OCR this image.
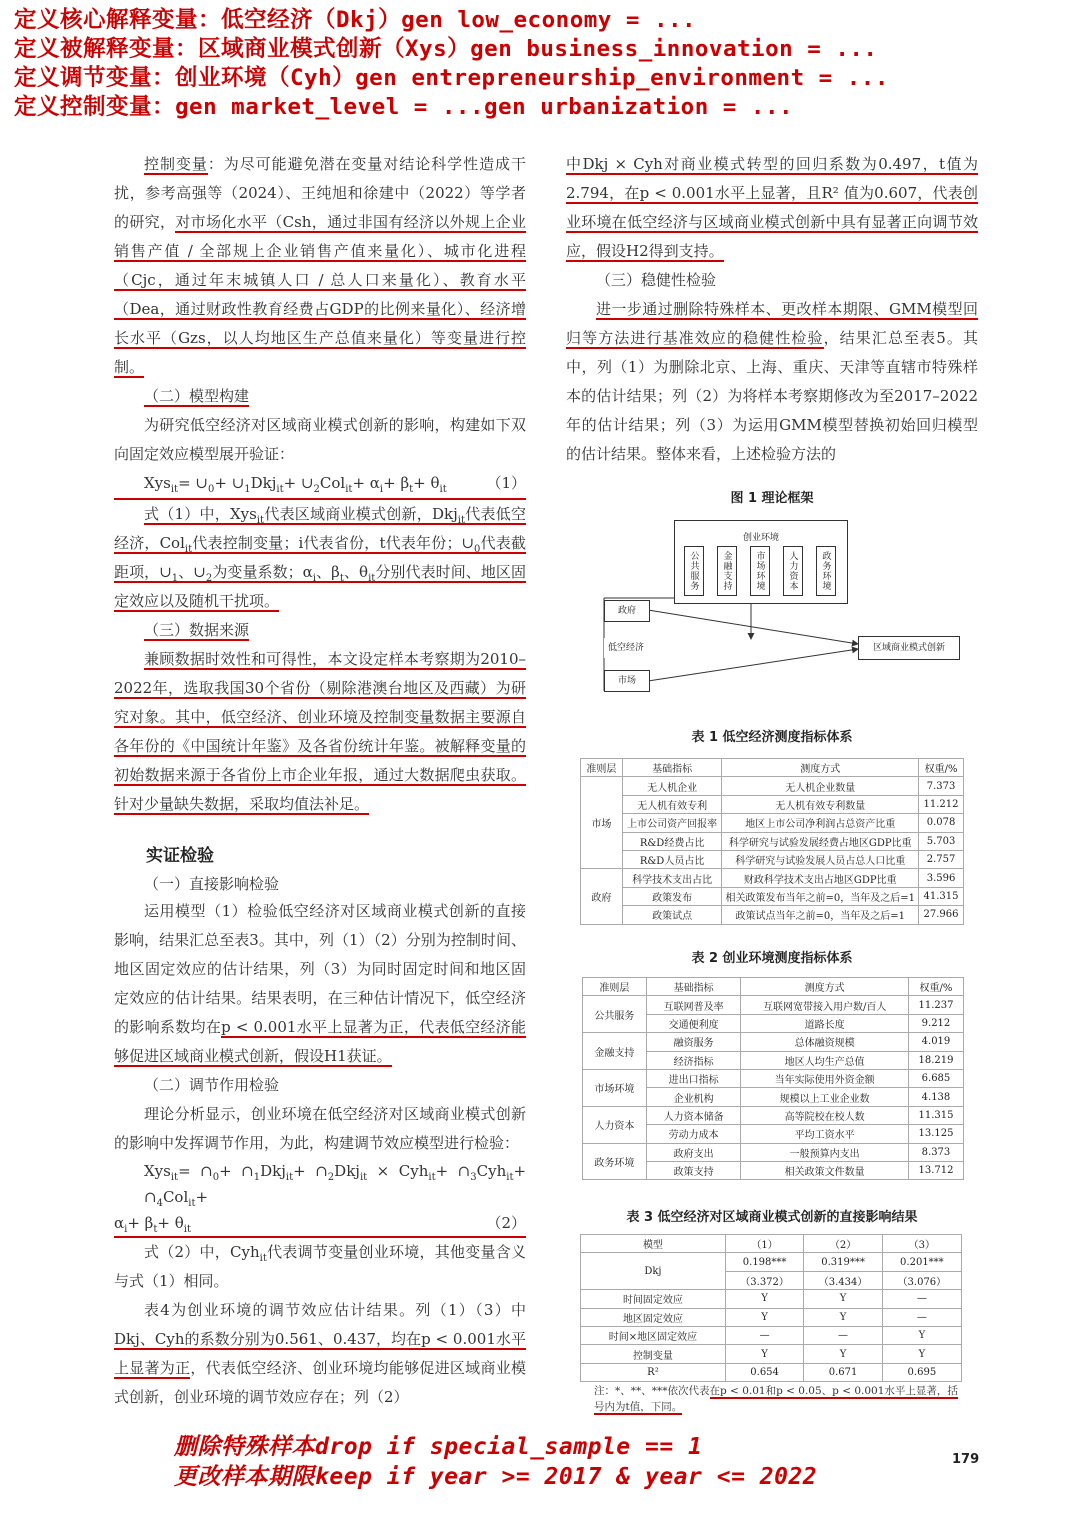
定义核心解释变量：低空经济（Dkj）gen low_economy = ...
定义被解释变量：区域商业模式创新（Xys）gen business_innovation = ...
定义调节变量：创业环境（Cyh）gen entrepreneurship_environment = ...
定义控制变量：gen market_level = ...gen urbanization = ...
删除特殊样本drop if special_sample == 1
更改样本期限keep if year >= 2017 & year <= 2022

控制变量：为尽可能避免潜在变量对结论科学性造成干扰，参考高强等（2024）、王纯旭和徐建中（2022）等学者的研究，对市场化水平（Csh，通过非国有经济以外规上企业销售产值 / 全部规上企业销售产值来量化）、城市化进程（Cjc，通过年末城镇人口 / 总人口来量化）、教育水平（Dea，通过财政性教育经费占GDP的比例来量化）、经济增长水平（Gzs，以人均地区生产总值来量化）等变量进行控制。

（二）模型构建

为研究低空经济对区域商业模式创新的影响，构建如下双向固定效应模型展开验证：

$Xys_{it}= \cup_0+$ $\cup_1Dkj_{it}+$ $\cup_2Col_{it}+ \alpha_i+ \beta_t+ \theta_{it}$	（1）

式（1）中，Xys$_{it}$代表区域商业模式创新，Dkj$_{it}$代表低空经济，Col$_{it}$代表控制变量；i代表省份，t代表年份；$\cup_0$代表截距项，$\cup_1$、$\cup_2$为变量系数；$\alpha_i$、$\beta_t$、$\theta_{it}$分别代表时间、地区固定效应以及随机干扰项。

（三）数据来源

兼顾数据时效性和可得性，本文设定样本考察期为2010–2022年，选取我国30个省份（剔除港澳台地区及西藏）为研究对象。其中，低空经济、创业环境及控制变量数据主要源自各年份的《中国统计年鉴》及各省份统计年鉴。被解释变量的初始数据来源于各省份上市企业年报，通过大数据爬虫获取。针对少量缺失数据，采取均值法补足。

实证检验
（一）直接影响检验

运用模型（1）检验低空经济对区域商业模式创新的直接影响，结果汇总至表3。其中，列（1）（2）分别为控制时间、地区固定效应的估计结果，列（3）为同时固定时间和地区固定效应的估计结果。结果表明，在三种估计情况下，低空经济的影响系数均在p < 0.001水平上显著为正，代表低空经济能够促进区域商业模式创新，假设H1获证。

（二）调节作用检验

理论分析显示，创业环境在低空经济对区域商业模式创新的影响中发挥调节作用，为此，构建调节效应模型进行检验：

$Xys_{it}= \cap_0+$ $\cap_1Dkj_{it}+$ $\cap_2Dkj_{it} \times Cyh_{it}+$ $\cap_3Cyh_{it}+$ $\cap_4Col_{it}+$
$\alpha_i+ \beta_t+ \theta_{it}$	（2）

式（2）中，Cyh$_{it}$代表调节变量创业环境，其他变量含义与式（1）相同。

表4为创业环境的调节效应估计结果。列（1）（3）中Dkj、Cyh的系数分别为0.561、0.437，均在p < 0.001水平上显著为正，代表低空经济、创业环境均能够促进区域商业模式创新，创业环境的调节效应存在；列（2）

中Dkj × Cyh对商业模式转型的回归系数为0.497，t值为2.794，在p < 0.001水平上显著，且R² 值为0.607，代表创业环境在低空经济与区域商业模式创新中具有显著正向调节效应，假设H2得到支持。

（三）稳健性检验

进一步通过删除特殊样本、更改样本期限、GMM模型回归等方法进行基准效应的稳健性检验，结果汇总至表5。其中，列（1）为删除北京、上海、重庆、天津等直辖市特殊样本的估计结果；列（2）为将样本考察期修改为至2017–2022年的估计结果；列（3）为运用GMM模型替换初始回归模型的估计结果。整体来看，上述检验方法的

图 1 理论框架
创业环境
公共服务	金融支持	市场环境	人力资本	政务环境
政府
低空经济
市场
区域商业模式创新
表 1 低空经济测度指标体系
准则层	基础指标	测度方式	权重/%
市场	无人机企业	无人机企业数量	7.373
	无人机有效专利	无人机有效专利数量	11.212
	上市公司资产回报率	地区上市公司净利润占总资产比重	0.078
	R&D经费占比	科学研究与试验发展经费占地区GDP比重	5.703
	R&D人员占比	科学研究与试验发展人员占总人口比重	2.757
政府	科学技术支出占比	财政科学技术支出占地区GDP比重	3.596
	政策发布	相关政策发布当年之前=0，当年及之后=1	41.315
	政策试点	政策试点当年之前=0，当年及之后=1	27.966
表 2 创业环境测度指标体系
准则层	基础指标	测度方式	权重/%
公共服务	互联网普及率	互联网宽带接入用户数/百人	11.237
	交通便利度	道路长度	9.212
金融支持	融资服务	总体融资规模	4.019
	经济指标	地区人均生产总值	18.219
市场环境	进出口指标	当年实际使用外资金额	6.685
	企业机构	规模以上工业企业数	4.138
人力资本	人力资本储备	高等院校在校人数	11.315
	劳动力成本	平均工资水平	13.125
政务环境	政府支出	一般预算内支出	8.373
	政策支持	相关政策文件数量	13.712
表 3 低空经济对区域商业模式创新的直接影响结果
模型	（1）	（2）	（3）
Dkj	0.198***	0.319***	0.201***
	（3.372）	（3.434）	（3.076）
时间固定效应	Y	Y	—
地区固定效应	Y	Y	—
时间×地区固定效应	—	—	Y
控制变量	Y	Y	Y
R²	0.654	0.671	0.695
注：*、**、***依次代表在p < 0.01和p < 0.05、p < 0.001水平上显著，括号内为t值，下同。
179
